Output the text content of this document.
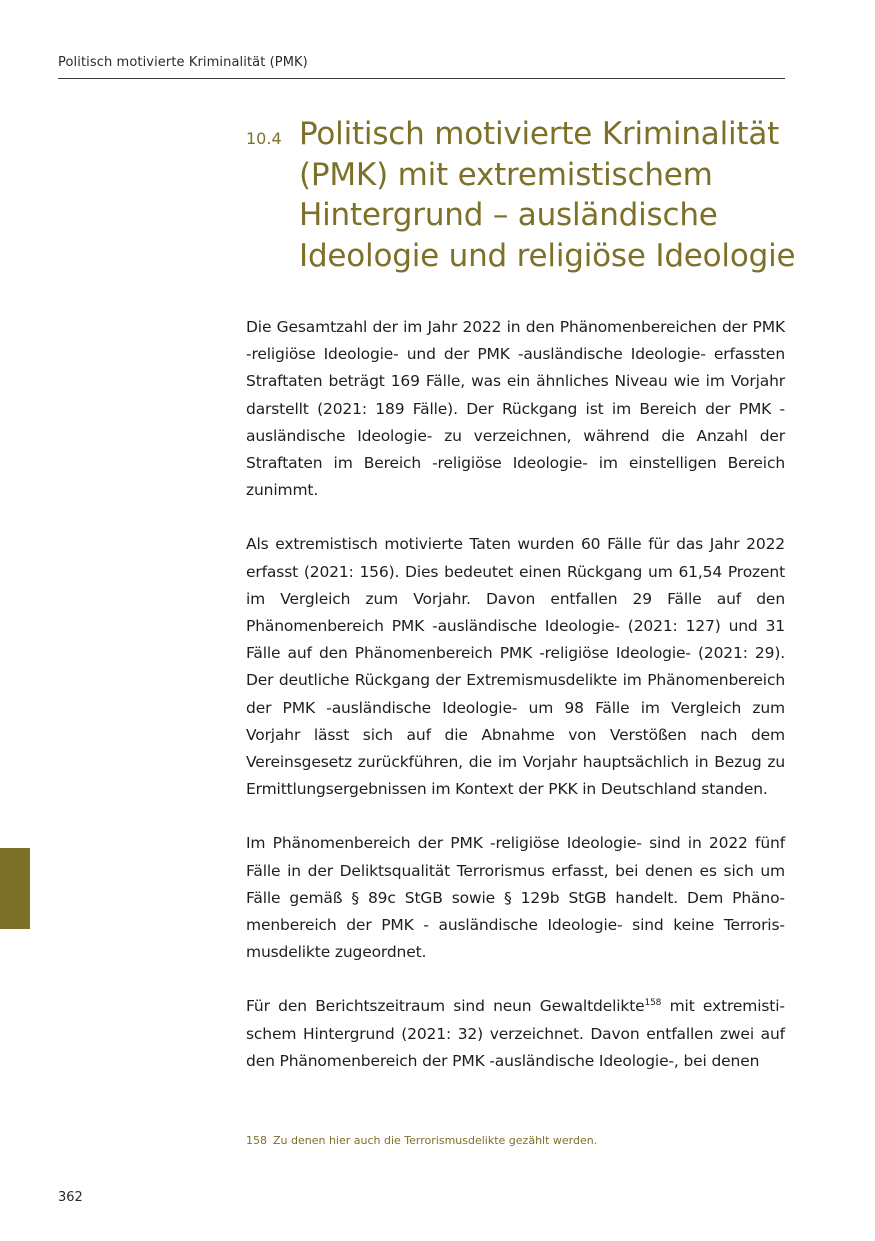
Politisch motivierte Kriminalität (PMK)
10.4 Politisch motivierte Kriminalität
(PMK) mit extremistischem
Hintergrund – ausländische
Ideologie und religiöse Ideologie

Die Gesamtzahl der im Jahr 2022 in den Phänomenbereichen der PMK -religiöse Ideologie- und der PMK -ausländische Ideologie- erfassten Straftaten beträgt 169 Fälle, was ein ähnliches Niveau wie im Vorjahr darstellt (2021: 189 Fälle). Der Rückgang ist im Bereich der PMK -ausländische Ideologie- zu verzeichnen, während die Anzahl der Straftaten im Bereich -religiöse Ideologie- im einstelligen Bereich zunimmt.

Als extremistisch motivierte Taten wurden 60 Fälle für das Jahr 2022 erfasst (2021: 156). Dies bedeutet einen Rückgang um 61,54 Prozent im Vergleich zum Vorjahr. Davon entfallen 29 Fälle auf den Phänomenbereich PMK -ausländische Ideologie- (2021: 127) und 31 Fälle auf den Phänomenbereich PMK -religiöse Ideologie- (2021: 29). Der deutliche Rückgang der Extremismusdelikte im Phänomenbereich der PMK -ausländische Ideologie- um 98 Fälle im Vergleich zum Vorjahr lässt sich auf die Abnahme von Verstößen nach dem Vereinsgesetz zurückführen, die im Vorjahr hauptsächlich in Bezug zu Ermittlungsergebnissen im Kontext der PKK in Deutschland standen.

Im Phänomenbereich der PMK -religiöse Ideologie- sind in 2022 fünf Fälle in der Deliktsqualität Terrorismus erfasst, bei denen es sich um Fälle gemäß § 89c StGB sowie § 129b StGB handelt. Dem Phänomenbereich der PMK - ausländische Ideologie- sind keine Terrorismusdelikte zugeordnet.

Für den Berichtszeitraum sind neun Gewaltdelikte$^{158}$ mit extremistischem Hintergrund (2021: 32) verzeichnet. Davon entfallen zwei auf den Phänomenbereich der PMK -ausländische Ideologie-, bei denen

158 Zu denen hier auch die Terrorismusdelikte gezählt werden.
362
